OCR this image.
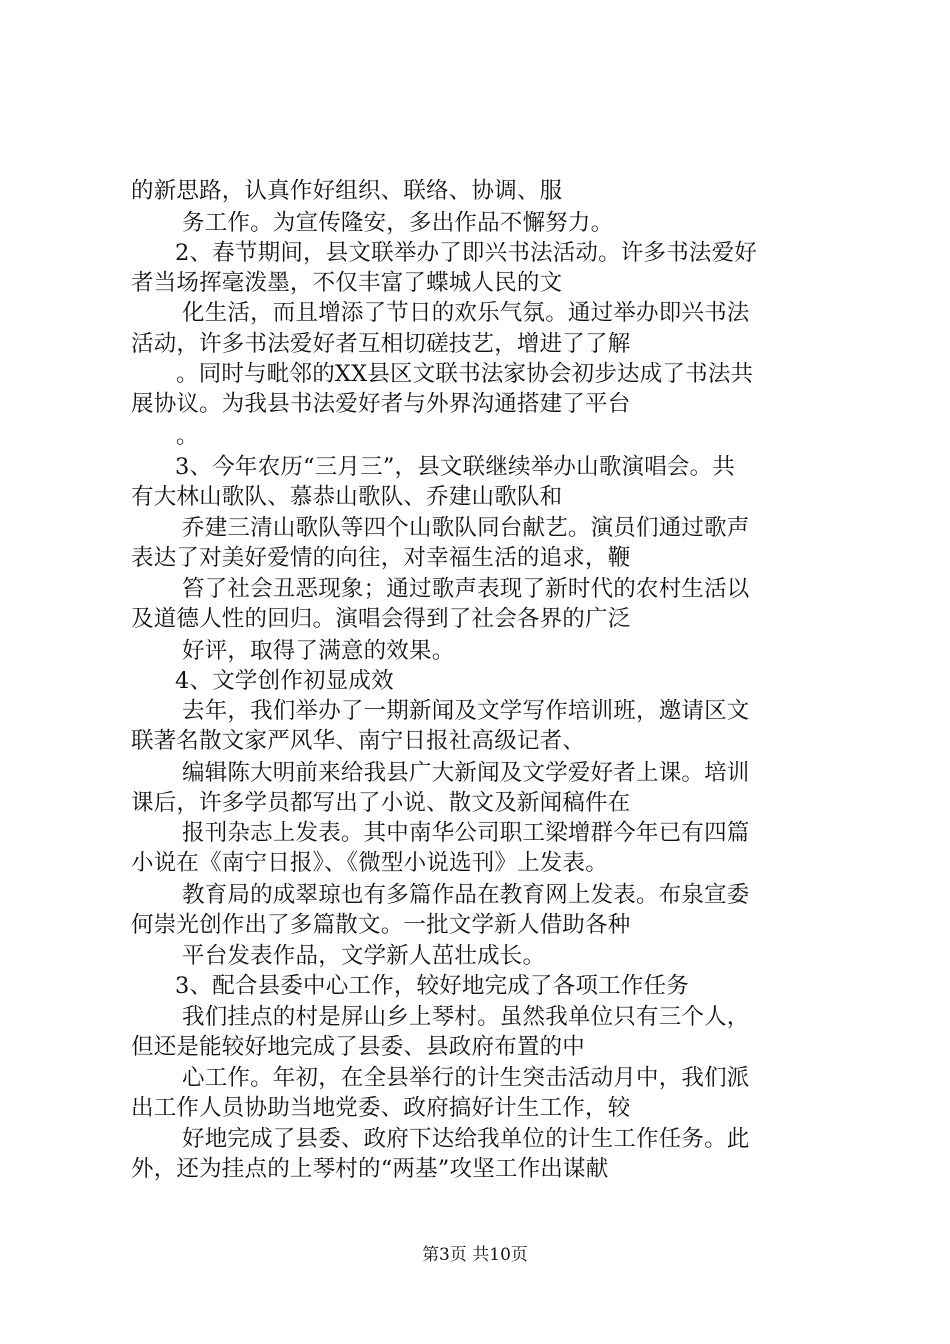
的新思路，认真作好组织、联络、协调、服
务工作。为宣传隆安，多出作品不懈努力。
2、春节期间，县文联举办了即兴书法活动。许多书法爱好
者当场挥毫泼墨，不仅丰富了蝶城人民的文
化生活，而且增添了节日的欢乐气氛。通过举办即兴书法
活动，许多书法爱好者互相切磋技艺，增进了了解
。同时与毗邻的XX县区文联书法家协会初步达成了书法共
展协议。为我县书法爱好者与外界沟通搭建了平台
。
3、今年农历“三月三”，县文联继续举办山歌演唱会。共
有大林山歌队、慕恭山歌队、乔建山歌队和
乔建三清山歌队等四个山歌队同台献艺。演员们通过歌声
表达了对美好爱情的向往，对幸福生活的追求，鞭
笞了社会丑恶现象；通过歌声表现了新时代的农村生活以
及道德人性的回归。演唱会得到了社会各界的广泛
好评，取得了满意的效果。
4、文学创作初显成效
去年，我们举办了一期新闻及文学写作培训班，邀请区文
联著名散文家严风华、南宁日报社高级记者、
编辑陈大明前来给我县广大新闻及文学爱好者上课。培训
课后，许多学员都写出了小说、散文及新闻稿件在
报刊杂志上发表。其中南华公司职工梁增群今年已有四篇
小说在《南宁日报》、《微型小说选刊》上发表。
教育局的成翠琼也有多篇作品在教育网上发表。布泉宣委
何崇光创作出了多篇散文。一批文学新人借助各种
平台发表作品，文学新人茁壮成长。
3、配合县委中心工作，较好地完成了各项工作任务
我们挂点的村是屏山乡上琴村。虽然我单位只有三个人，
但还是能较好地完成了县委、县政府布置的中
心工作。年初，在全县举行的计生突击活动月中，我们派
出工作人员协助当地党委、政府搞好计生工作，较
好地完成了县委、政府下达给我单位的计生工作任务。此
外，还为挂点的上琴村的“两基”攻坚工作出谋献
第3页 共10页
